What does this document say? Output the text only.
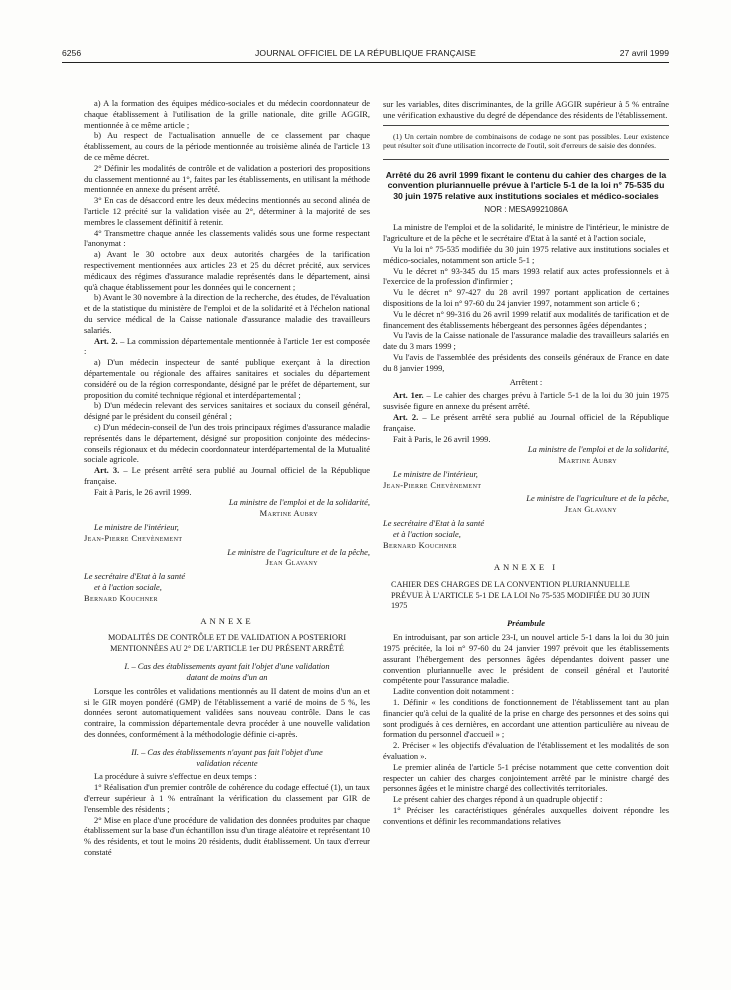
6256	JOURNAL OFFICIEL DE LA RÉPUBLIQUE FRANÇAISE	27 avril 1999

a) A la formation des équipes médico-sociales et du médecin coordonnateur de chaque établissement à l'utilisation de la grille nationale, dite grille AGGIR, mentionnée à ce même article ;

b) Au respect de l'actualisation annuelle de ce classement par chaque établissement, au cours de la période mentionnée au troisième alinéa de l'article 13 de ce même décret.

2° Définir les modalités de contrôle et de validation a posteriori des propositions du classement mentionné au 1°, faites par les établissements, en utilisant la méthode mentionnée en annexe du présent arrêté.

3° En cas de désaccord entre les deux médecins mentionnés au second alinéa de l'article 12 précité sur la validation visée au 2°, déterminer à la majorité de ses membres le classement définitif à retenir.

4° Transmettre chaque année les classements validés sous une forme respectant l'anonymat :

a) Avant le 30 octobre aux deux autorités chargées de la tarification respectivement mentionnées aux articles 23 et 25 du décret précité, aux services médicaux des régimes d'assurance maladie représentés dans le département, ainsi qu'à chaque établissement pour les données qui le concernent ;

b) Avant le 30 novembre à la direction de la recherche, des études, de l'évaluation et de la statistique du ministère de l'emploi et de la solidarité et à l'échelon national du service médical de la Caisse nationale d'assurance maladie des travailleurs salariés.

Art. 2. – La commission départementale mentionnée à l'article 1er est composée :

a) D'un médecin inspecteur de santé publique exerçant à la direction départementale ou régionale des affaires sanitaires et sociales du département considéré ou de la région correspondante, désigné par le préfet de département, sur proposition du comité technique régional et interdépartemental ;

b) D'un médecin relevant des services sanitaires et sociaux du conseil général, désigné par le président du conseil général ;

c) D'un médecin-conseil de l'un des trois principaux régimes d'assurance maladie représentés dans le département, désigné sur proposition conjointe des médecins-conseils régionaux et du médecin coordonnateur interdépartemental de la Mutualité sociale agricole.

Art. 3. – Le présent arrêté sera publié au Journal officiel de la République française.

Fait à Paris, le 26 avril 1999.

La ministre de l'emploi et de la solidarité,

Martine Aubry

Le ministre de l'intérieur,

Jean-Pierre Chevènement

Le ministre de l'agriculture et de la pêche,

Jean Glavany

Le secrétaire d'Etat à la santé

et à l'action sociale,

Bernard Kouchner

ANNEXE

MODALITÉS DE CONTRÔLE ET DE VALIDATION A POSTERIORI MENTIONNÉES AU 2° DE L'ARTICLE 1er DU PRÉSENT ARRÊTÉ

I. – Cas des établissements ayant fait l'objet d'une validation datant de moins d'un an

Lorsque les contrôles et validations mentionnés au II datent de moins d'un an et si le GIR moyen pondéré (GMP) de l'établissement a varié de moins de 5 %, les données seront automatiquement validées sans nouveau contrôle. Dans le cas contraire, la commission départementale devra procéder à une nouvelle validation des données, conformément à la méthodologie définie ci-après.

II. – Cas des établissements n'ayant pas fait l'objet d'une validation récente

La procédure à suivre s'effectue en deux temps :

1° Réalisation d'un premier contrôle de cohérence du codage effectué (1), un taux d'erreur supérieur à 1 % entraînant la vérification du classement par GIR de l'ensemble des résidents ;

2° Mise en place d'une procédure de validation des données produites par chaque établissement sur la base d'un échantillon issu d'un tirage aléatoire et représentant 10 % des résidents, et tout le moins 20 résidents, dudit établissement. Un taux d'erreur constaté

sur les variables, dites discriminantes, de la grille AGGIR supérieur à 5 % entraîne une vérification exhaustive du degré de dépendance des résidents de l'établissement.

(1) Un certain nombre de combinaisons de codage ne sont pas possibles. Leur existence peut résulter soit d'une utilisation incorrecte de l'outil, soit d'erreurs de saisie des données.

Arrêté du 26 avril 1999 fixant le contenu du cahier des charges de la convention pluriannuelle prévue à l'article 5-1 de la loi n° 75-535 du 30 juin 1975 relative aux institutions sociales et médico-sociales

NOR : MESA9921086A

La ministre de l'emploi et de la solidarité, le ministre de l'intérieur, le ministre de l'agriculture et de la pêche et le secrétaire d'Etat à la santé et à l'action sociale,

Vu la loi n° 75-535 modifiée du 30 juin 1975 relative aux institutions sociales et médico-sociales, notamment son article 5-1 ;

Vu le décret n° 93-345 du 15 mars 1993 relatif aux actes professionnels et à l'exercice de la profession d'infirmier ;

Vu le décret n° 97-427 du 28 avril 1997 portant application de certaines dispositions de la loi n° 97-60 du 24 janvier 1997, notamment son article 6 ;

Vu le décret n° 99-316 du 26 avril 1999 relatif aux modalités de tarification et de financement des établissements hébergeant des personnes âgées dépendantes ;

Vu l'avis de la Caisse nationale de l'assurance maladie des travailleurs salariés en date du 3 mars 1999 ;

Vu l'avis de l'assemblée des présidents des conseils généraux de France en date du 8 janvier 1999,

Arrêtent :

Art. 1er. – Le cahier des charges prévu à l'article 5-1 de la loi du 30 juin 1975 susvisée figure en annexe du présent arrêté.

Art. 2. – Le présent arrêté sera publié au Journal officiel de la République française.

Fait à Paris, le 26 avril 1999.

La ministre de l'emploi et de la solidarité,

Martine Aubry

Le ministre de l'intérieur,

Jean-Pierre Chevènement

Le ministre de l'agriculture et de la pêche,

Jean Glavany

Le secrétaire d'Etat à la santé

et à l'action sociale,

Bernard Kouchner

ANNEXE I

CAHIER DES CHARGES DE LA CONVENTION PLURIANNUELLE PRÉVUE À L'ARTICLE 5-1 DE LA LOI No 75-535 MODIFIÉE DU 30 JUIN 1975

Préambule

En introduisant, par son article 23-I, un nouvel article 5-1 dans la loi du 30 juin 1975 précitée, la loi n° 97-60 du 24 janvier 1997 prévoit que les établissements assurant l'hébergement des personnes âgées dépendantes doivent passer une convention pluriannuelle avec le président de conseil général et l'autorité compétente pour l'assurance maladie.

Ladite convention doit notamment :

1. Définir « les conditions de fonctionnement de l'établissement tant au plan financier qu'à celui de la qualité de la prise en charge des personnes et des soins qui sont prodigués à ces dernières, en accordant une attention particulière au niveau de formation du personnel d'accueil » ;

2. Préciser « les objectifs d'évaluation de l'établissement et les modalités de son évaluation ».

Le premier alinéa de l'article 5-1 précise notamment que cette convention doit respecter un cahier des charges conjointement arrêté par le ministre chargé des personnes âgées et le ministre chargé des collectivités territoriales.

Le présent cahier des charges répond à un quadruple objectif :

1° Préciser les caractéristiques générales auxquelles doivent répondre les conventions et définir les recommandations relatives
